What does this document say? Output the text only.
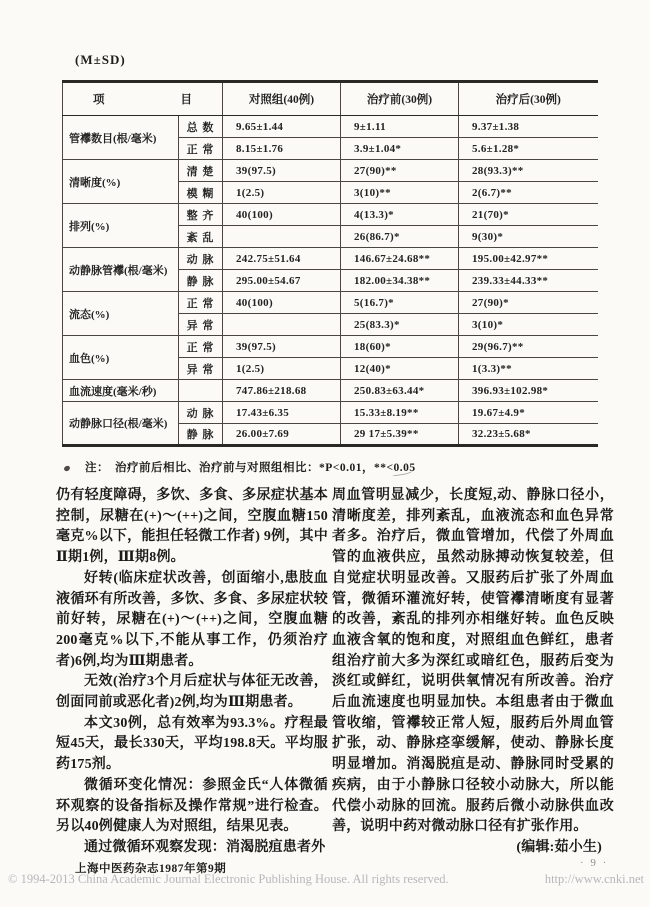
(M±SD)
项 目		对照组(40例)	治疗前(30例)	治疗后(30例)
管襻数目(根/毫米)	总 数	9.65±1.44	9±1.11	9.37±1.38
	正 常	8.15±1.76	3.9±1.04*	5.6±1.28*
清晰度(%)	清 楚	39(97.5)	27(90)**	28(93.3)**
	模 糊	1(2.5)	3(10)**	2(6.7)**
排列(%)	整 齐	40(100)	4(13.3)*	21(70)*
	紊 乱		26(86.7)*	9(30)*
动静脉管襻(根/毫米)	动 脉	242.75±51.64	146.67±24.68**	195.00±42.97**
	静 脉	295.00±54.67	182.00±34.38**	239.33±44.33**
流态(%)	正 常	40(100)	5(16.7)*	27(90)*
	异 常		25(83.3)*	3(10)*
血色(%)	正 常	39(97.5)	18(60)*	29(96.7)**
	异 常	1(2.5)	12(40)*	1(3.3)**
血流速度(毫米/秒)		747.86±218.68	250.83±63.44*	396.93±102.98*
动静脉口径(根/毫米)	动 脉	17.43±6.35	15.33±8.19**	19.67±4.9*
	静 脉	26.00±7.69	29 17±5.39**	32.23±5.68*
注： 治疗前后相比、治疗前与对照组相比：*P<0.01，**<0.05

仍有轻度障碍，多饮、多食、多尿症状基本控制，尿糖在(+)～(++)之间，空腹血糖150毫克%以下，能担任轻微工作者) 9例，其中Ⅱ期1例，Ⅲ期8例。

好转(临床症状改善，创面缩小,患肢血液循环有所改善，多饮、多食、多尿症状较前好转，尿糖在(+)～(++)之间，空腹血糖200毫克%以下,不能从事工作，仍须治疗者)6例,均为Ⅲ期患者。

无效(治疗3个月后症状与体征无改善，创面同前或恶化者)2例,均为Ⅲ期患者。

本文30例，总有效率为93.3%。疗程最短45天，最长330天，平均198.8天。平均服药175剂。

微循环变化情况：参照金氏“人体微循环观察的设备指标及操作常规”进行检查。另以40例健康人为对照组，结果见表。

通过微循环观察发现：消渴脱疽患者外

周血管明显减少，长度短,动、静脉口径小，清晰度差，排列紊乱，血液流态和血色异常者多。治疗后，微血管增加，代偿了外周血管的血液供应，虽然动脉搏动恢复较差，但自觉症状明显改善。又服药后扩张了外周血管，微循环灌流好转，使管襻清晰度有显著的改善，紊乱的排列亦相继好转。血色反映血液含氧的饱和度，对照组血色鲜红，患者组治疗前大多为深红或暗红色，服药后变为淡红或鲜红，说明供氧情况有所改善。治疗后血流速度也明显加快。本组患者由于微血管收缩，管襻较正常人短，服药后外周血管扩张，动、静脉痉挛缓解，使动、静脉长度明显增加。消渴脱疽是动、静脉同时受累的疾病，由于小静脉口径较小动脉大，所以能代偿小动脉的回流。服药后微小动脉供血改善，说明中药对微动脉口径有扩张作用。

(编辑:茹小生)

上海中医药杂志1987年第9期	· 9 ·
© 1994-2013 China Academic Journal Electronic Publishing House. All rights reserved.	http://www.cnki.net
